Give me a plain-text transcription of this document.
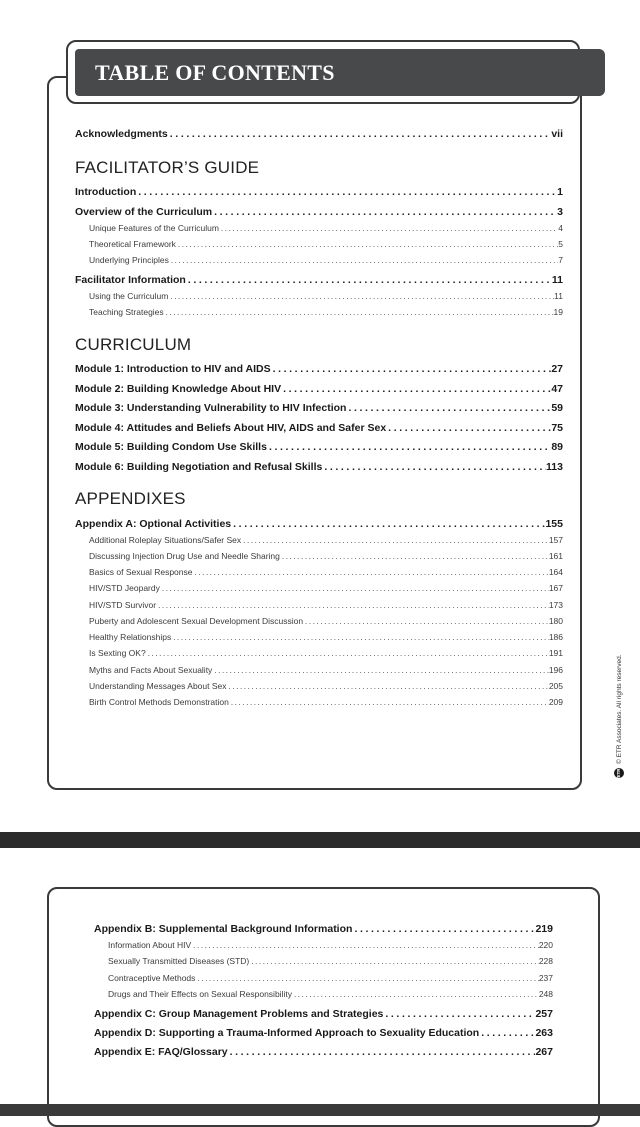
TABLE OF CONTENTS
Acknowledgments .....	vii
FACILITATOR’S GUIDE
Introduction .....	1
Overview of the Curriculum .....	3
Unique Features of the Curriculum .....	4
Theoretical Framework .....	5
Underlying Principles .....	7
Facilitator Information .....	11
Using the Curriculum .....	11
Teaching Strategies .....	19
CURRICULUM
Module 1: Introduction to HIV and AIDS .....	27
Module 2: Building Knowledge About HIV .....	47
Module 3: Understanding Vulnerability to HIV Infection .....	59
Module 4: Attitudes and Beliefs About HIV, AIDS and Safer Sex .....	75
Module 5: Building Condom Use Skills .....	89
Module 6: Building Negotiation and Refusal Skills .....	113
APPENDIXES
Appendix A: Optional Activities .....	155
Additional Roleplay Situations/Safer Sex .....	157
Discussing Injection Drug Use and Needle Sharing .....	161
Basics of Sexual Response .....	164
HIV/STD Jeopardy .....	167
HIV/STD Survivor .....	173
Puberty and Adolescent Sexual Development Discussion .....	180
Healthy Relationships .....	186
Is Sexting OK? .....	191
Myths and Facts About Sexuality .....	196
Understanding Messages About Sex .....	205
Birth Control Methods Demonstration .....	209
ETR
© ETR Associates. All rights reserved.
Appendix B: Supplemental Background Information .....	219
Information About HIV .....	220
Sexually Transmitted Diseases (STD) .....	228
Contraceptive Methods .....	237
Drugs and Their Effects on Sexual Responsibility .....	248
Appendix C: Group Management Problems and Strategies .....	257
Appendix D: Supporting a Trauma-Informed Approach to Sexuality Education .....	263
Appendix E: FAQ/Glossary .....	267
